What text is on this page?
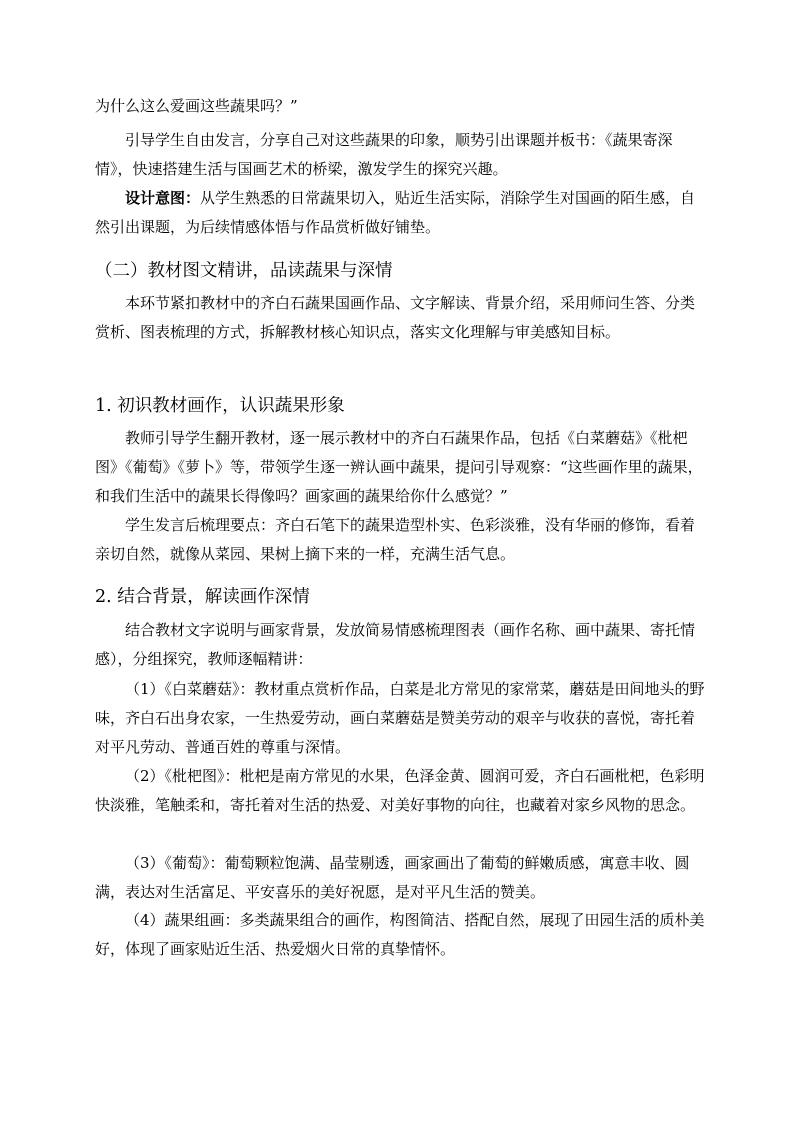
为什么这么爱画这些蔬果吗？”

引导学生自由发言，分享自己对这些蔬果的印象，顺势引出课题并板书：《蔬果寄深情》，快速搭建生活与国画艺术的桥梁，激发学生的探究兴趣。

设计意图：从学生熟悉的日常蔬果切入，贴近生活实际，消除学生对国画的陌生感，自然引出课题，为后续情感体悟与作品赏析做好铺垫。

（二）教材图文精讲，品读蔬果与深情

本环节紧扣教材中的齐白石蔬果国画作品、文字解读、背景介绍，采用师问生答、分类赏析、图表梳理的方式，拆解教材核心知识点，落实文化理解与审美感知目标。

1. 初识教材画作，认识蔬果形象

教师引导学生翻开教材，逐一展示教材中的齐白石蔬果作品，包括《白菜蘑菇》《枇杷图》《葡萄》《萝卜》等，带领学生逐一辨认画中蔬果，提问引导观察：“这些画作里的蔬果，和我们生活中的蔬果长得像吗？画家画的蔬果给你什么感觉？”

学生发言后梳理要点：齐白石笔下的蔬果造型朴实、色彩淡雅，没有华丽的修饰，看着亲切自然，就像从菜园、果树上摘下来的一样，充满生活气息。

2. 结合背景，解读画作深情

结合教材文字说明与画家背景，发放简易情感梳理图表（画作名称、画中蔬果、寄托情感），分组探究，教师逐幅精讲：

（1）《白菜蘑菇》：教材重点赏析作品，白菜是北方常见的家常菜，蘑菇是田间地头的野味，齐白石出身农家，一生热爱劳动，画白菜蘑菇是赞美劳动的艰辛与收获的喜悦，寄托着对平凡劳动、普通百姓的尊重与深情。

（2）《枇杷图》：枇杷是南方常见的水果，色泽金黄、圆润可爱，齐白石画枇杷，色彩明快淡雅，笔触柔和，寄托着对生活的热爱、对美好事物的向往，也藏着对家乡风物的思念。

（3）《葡萄》：葡萄颗粒饱满、晶莹剔透，画家画出了葡萄的鲜嫩质感，寓意丰收、圆满，表达对生活富足、平安喜乐的美好祝愿，是对平凡生活的赞美。

（4）蔬果组画：多类蔬果组合的画作，构图简洁、搭配自然，展现了田园生活的质朴美好，体现了画家贴近生活、热爱烟火日常的真挚情怀。
